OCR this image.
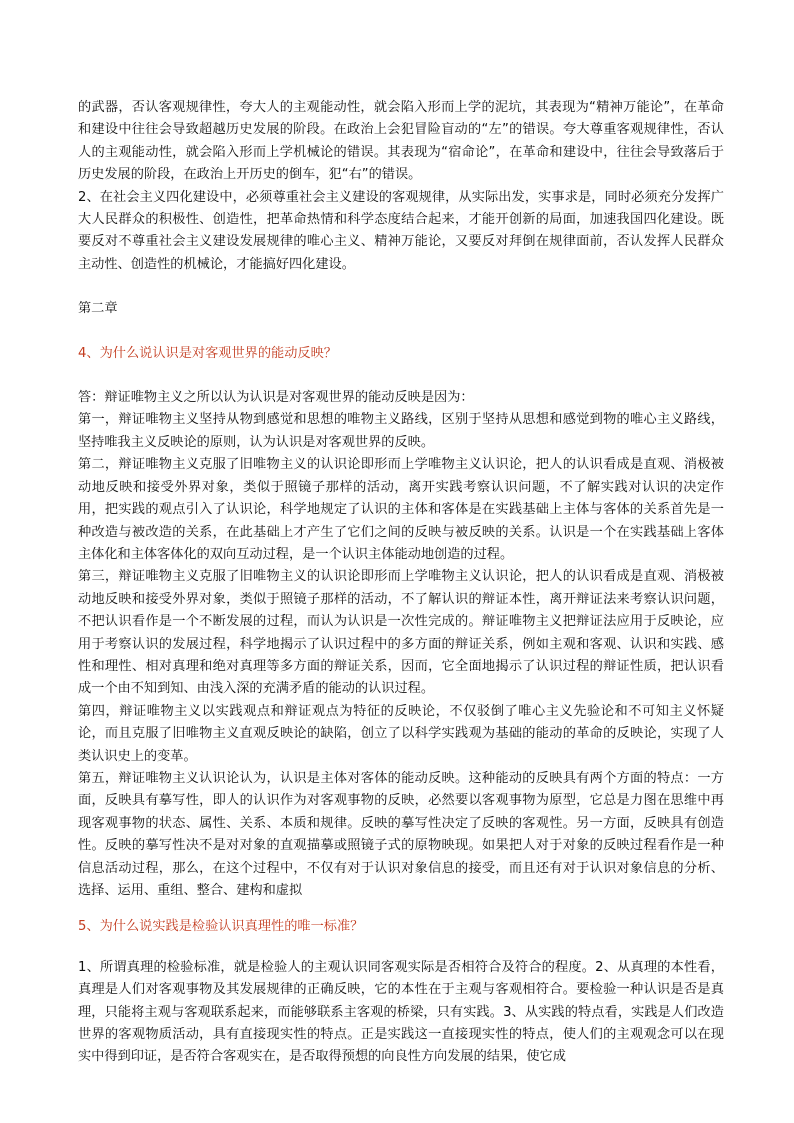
的武器，否认客观规律性，夸大人的主观能动性，就会陷入形而上学的泥坑，其表现为“精神万能论”，在革命和建设中往往会导致超越历史发展的阶段。在政治上会犯冒险盲动的“左”的错误。夸大尊重客观规律性，否认人的主观能动性，就会陷入形而上学机械论的错误。其表现为“宿命论”，在革命和建设中，往往会导致落后于历史发展的阶段，在政治上开历史的倒车，犯“右”的错误。

2、在社会主义四化建设中，必须尊重社会主义建设的客观规律，从实际出发，实事求是，同时必须充分发挥广大人民群众的积极性、创造性，把革命热情和科学态度结合起来，才能开创新的局面，加速我国四化建设。既要反对不尊重社会主义建设发展规律的唯心主义、精神万能论，又要反对拜倒在规律面前，否认发挥人民群众主动性、创造性的机械论，才能搞好四化建设。

第二章

4、为什么说认识是对客观世界的能动反映？

答：辩证唯物主义之所以认为认识是对客观世界的能动反映是因为：

第一，辩证唯物主义坚持从物到感觉和思想的唯物主义路线，区别于坚持从思想和感觉到物的唯心主义路线，坚持唯我主义反映论的原则，认为认识是对客观世界的反映。

第二，辩证唯物主义克服了旧唯物主义的认识论即形而上学唯物主义认识论，把人的认识看成是直观、消极被动地反映和接受外界对象，类似于照镜子那样的活动，离开实践考察认识问题，不了解实践对认识的决定作用，把实践的观点引入了认识论，科学地规定了认识的主体和客体是在实践基础上主体与客体的关系首先是一种改造与被改造的关系，在此基础上才产生了它们之间的反映与被反映的关系。认识是一个在实践基础上客体主体化和主体客体化的双向互动过程，是一个认识主体能动地创造的过程。

第三，辩证唯物主义克服了旧唯物主义的认识论即形而上学唯物主义认识论，把人的认识看成是直观、消极被动地反映和接受外界对象，类似于照镜子那样的活动，不了解认识的辩证本性，离开辩证法来考察认识问题，不把认识看作是一个不断发展的过程，而认为认识是一次性完成的。辩证唯物主义把辩证法应用于反映论，应用于考察认识的发展过程，科学地揭示了认识过程中的多方面的辩证关系，例如主观和客观、认识和实践、感性和理性、相对真理和绝对真理等多方面的辩证关系，因而，它全面地揭示了认识过程的辩证性质，把认识看成一个由不知到知、由浅入深的充满矛盾的能动的认识过程。

第四，辩证唯物主义以实践观点和辩证观点为特征的反映论，不仅驳倒了唯心主义先验论和不可知主义怀疑论，而且克服了旧唯物主义直观反映论的缺陷，创立了以科学实践观为基础的能动的革命的反映论，实现了人类认识史上的变革。

第五，辩证唯物主义认识论认为，认识是主体对客体的能动反映。这种能动的反映具有两个方面的特点：一方面，反映具有摹写性，即人的认识作为对客观事物的反映，必然要以客观事物为原型，它总是力图在思维中再现客观事物的状态、属性、关系、本质和规律。反映的摹写性决定了反映的客观性。另一方面，反映具有创造性。反映的摹写性决不是对对象的直观描摹或照镜子式的原物映现。如果把人对于对象的反映过程看作是一种信息活动过程，那么，在这个过程中，不仅有对于认识对象信息的接受，而且还有对于认识对象信息的分析、选择、运用、重组、整合、建构和虚拟

5、为什么说实践是检验认识真理性的唯一标准？

1、所谓真理的检验标准，就是检验人的主观认识同客观实际是否相符合及符合的程度。2、从真理的本性看，真理是人们对客观事物及其发展规律的正确反映，它的本性在于主观与客观相符合。要检验一种认识是否是真理，只能将主观与客观联系起来，而能够联系主客观的桥梁，只有实践。3、从实践的特点看，实践是人们改造世界的客观物质活动，具有直接现实性的特点。正是实践这一直接现实性的特点，使人们的主观观念可以在现实中得到印证，是否符合客观实在，是否取得预想的向良性方向发展的结果，使它成
